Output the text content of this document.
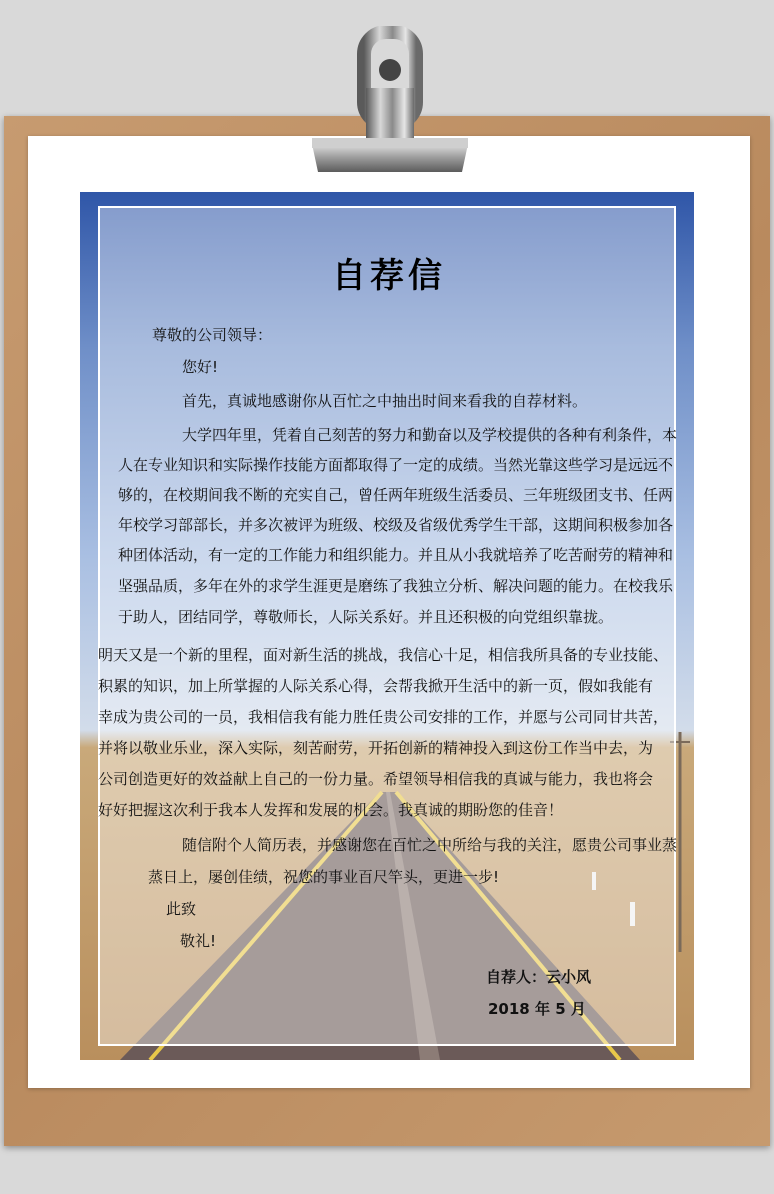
自荐信
尊敬的公司领导：
您好!
首先，真诚地感谢你从百忙之中抽出时间来看我的自荐材料。
大学四年里，凭着自己刻苦的努力和勤奋以及学校提供的各种有利条件，本
人在专业知识和实际操作技能方面都取得了一定的成绩。当然光靠这些学习是远远不
够的，在校期间我不断的充实自己，曾任两年班级生活委员、三年班级团支书、任两
年校学习部部长，并多次被评为班级、校级及省级优秀学生干部，这期间积极参加各
种团体活动，有一定的工作能力和组织能力。并且从小我就培养了吃苦耐劳的精神和
坚强品质，多年在外的求学生涯更是磨练了我独立分析、解决问题的能力。在校我乐
于助人，团结同学，尊敬师长，人际关系好。并且还积极的向党组织靠拢。
明天又是一个新的里程，面对新生活的挑战，我信心十足，相信我所具备的专业技能、
积累的知识，加上所掌握的人际关系心得，会帮我掀开生活中的新一页，假如我能有
幸成为贵公司的一员，我相信我有能力胜任贵公司安排的工作，并愿与公司同甘共苦，
并将以敬业乐业，深入实际，刻苦耐劳，开拓创新的精神投入到这份工作当中去，为
公司创造更好的效益献上自己的一份力量。希望领导相信我的真诚与能力，我也将会
好好把握这次利于我本人发挥和发展的机会。我真诚的期盼您的佳音！
随信附个人简历表，并感谢您在百忙之中所给与我的关注，愿贵公司事业蒸
蒸日上，屡创佳绩，祝您的事业百尺竿头，更进一步!
此致
敬礼!
自荐人：云小风
2018 年 5 月
